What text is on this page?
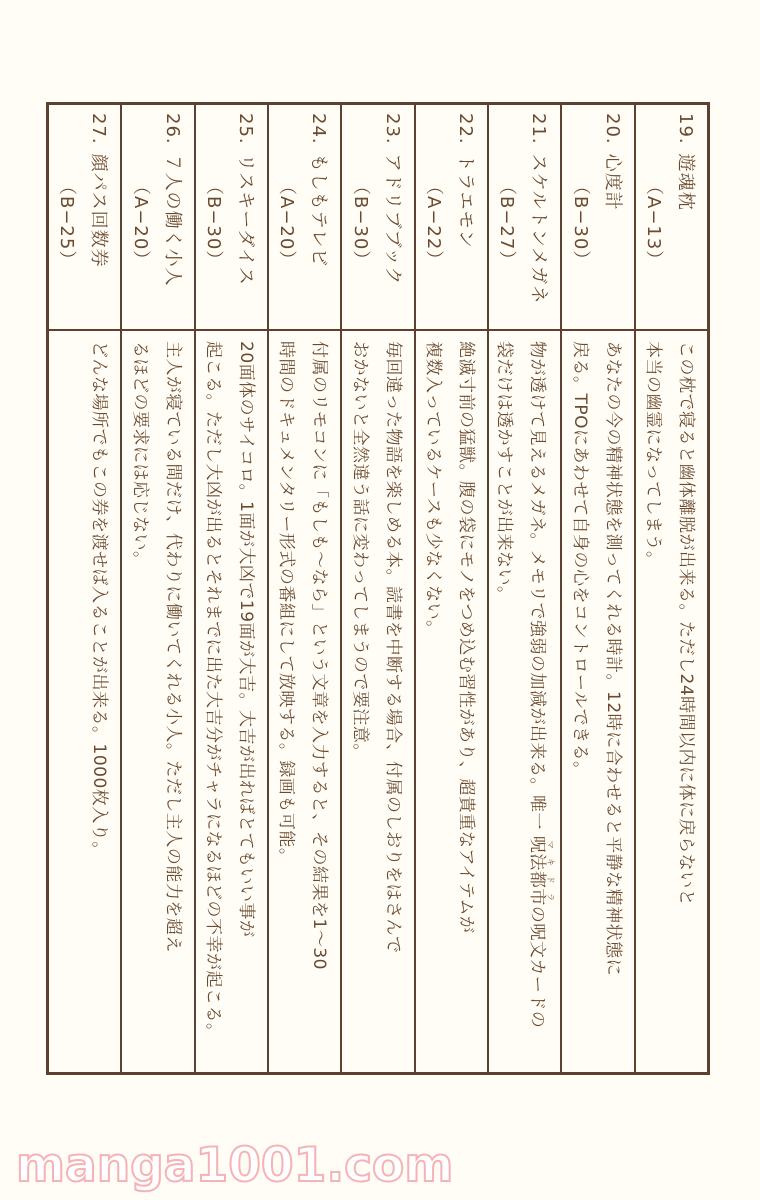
19.遊魂枕
（A−13）
この枕で寝ると幽体離脱が出来る。ただし24時間以内に体に戻らないと
本当の幽霊になってしまう。
20.心度計
（B−30）
あなたの今の精神状態を測ってくれる時計。12時に合わせると平静な精神状態に
戻る。TPOにあわせて自身の心をコントロールできる。
21.スケルトンメガネ
（B−27）
物が透けて見えるメガネ。メモリで強弱の加減が出来る。唯一 呪法都市 マキドラの呪文カードの
袋だけは透かすことが出来ない。
22.トラエモン
（A−22）
絶滅寸前の猛獣。腹の袋にモノをつめ込む習性があり、超貴重なアイテムが
複数入っているケースも少なくない。
23.アドリブブック
（B−30）
毎回違った物語を楽しめる本。読書を中断する場合、付属のしおりをはさんで
おかないと全然違う話に変わってしまうので要注意。
24.もしもテレビ
（A−20）
付属のリモコンに「もしも～なら」という文章を入力すると、その結果を1～30
時間のドキュメンタリー形式の番組にして放映する。録画も可能。
25.リスキーダイス
（B−30）
20面体のサイコロ。1面が大凶で19面が大吉。大吉が出ればとてもいい事が
起こる。ただし大凶が出るとそれまでに出た大吉分がチャラになるほどの不幸が起こる。
26.７人の働く小人
（A−20）
主人が寝ている間だけ、代わりに働いてくれる小人。ただし主人の能力を超え
るほどの要求には応じない。
27.顔パス回数券
（B−25）
どんな場所でもこの券を渡せば入ることが出来る。1000枚入り。
manga1001.com
